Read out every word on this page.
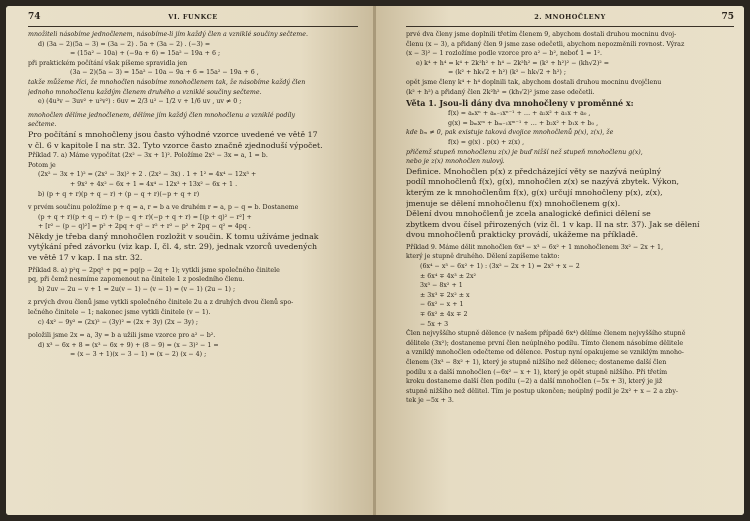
74	VI. FUNKCE
množiteli násobíme jednočlenem, násobíme-li jím každý člen a vzniklé součiny sečteme.
d) (3a − 2)(5a − 3) = (3a − 2) . 5a + (3a − 2) . (−3) =
= (15a² − 10a) + (−9a + 6) = 15a² − 19a + 6 ;
při praktickém počítání však píšeme spravidla jen
(3a − 2)(5a − 3) = 15a² − 10a − 9a + 6 = 15a² − 19a + 6 ,
takže můžeme říci, že mnohočlen násobíme mnohočlenem tak, že násobíme každý člen
jednoho mnohočlenu každým členem druhého a vzniklé součiny sečteme.
e) (4u³v − 3uv² + u²v²) : 6uv = 2/3 u² − 1/2 v + 1/6 uv , uv ≠ 0 ;
mnohočlen dělíme jednočlenem, dělíme jím každý člen mnohočlenu a vzniklé podíly
sečteme.
Pro počítání s mnohočleny jsou často výhodné vzorce uvedené ve větě 17
v čl. 6 v kapitole I na str. 32. Tyto vzorce často značně zjednoduší výpočet.
Příklad 7. a) Máme vypočítat (2x² − 3x + 1)². Položíme 2x² − 3x = a, 1 = b.
Potom je
(2x² − 3x + 1)² = (2x² − 3x)² + 2 . (2x² − 3x) . 1 + 1² = 4x⁴ − 12x³ +
+ 9x² + 4x² − 6x + 1 = 4x⁴ − 12x³ + 13x² − 6x + 1 .
b) (p + q + r)(p + q − r) + (p − q + r)(−p + q + r)
v prvém součinu položíme p + q = a, r = b a ve druhém r = a, p − q = b. Dostaneme
(p + q + r)(p + q − r) + (p − q + r)(−p + q + r) = [(p + q)² − r²] +
+ [r² − (p − q)²] = p² + 2pq + q² − r² + r² − p² + 2pq − q² = 4pq .
Někdy je třeba daný mnohočlen rozložit v součin. K tomu užíváme jednak
vytýkání před závorku (viz kap. I, čl. 4, str. 29), jednak vzorců uvedených
ve větě 17 v kap. I na str. 32.
Příklad 8. a) p²q − 2pq² + pq = pq(p − 2q + 1); vytkli jsme společného činitele
pq, při čemž nesmíme zapomenout na činitele 1 z posledního členu.
b) 2uv − 2u − v + 1 = 2u(v − 1) − (v − 1) = (v − 1) (2u − 1) ;
z prvých dvou členů jsme vytkli společného činitele 2u a z druhých dvou členů spo-
lečného činitele − 1; nakonec jsme vytkli činitele (v − 1).
c) 4x² − 9y² = (2x)² − (3y)² = (2x + 3y) (2x − 3y) ;
položili jsme 2x = a, 3y = b a užili jsme vzorce pro a² − b².
d) x³ − 6x + 8 = (x³ − 6x + 9) + (8 − 9) = (x − 3)² − 1 =
= (x − 3 + 1)(x − 3 − 1) = (x − 2) (x − 4) ;
2. MNOHOČLENY	75
prvé dva členy jsme doplnili třetím členem 9, abychom dostali druhou mocninu dvoj-
členu (x − 3), a přidaný člen 9 jsme zase odečetli, abychom nepozměnili rovnost. Výraz
(x − 3)² − 1 rozložíme podle vzorce pro a² − b², neboť 1 = 1².
e) k⁴ + h⁴ = k⁴ + 2k²h² + h⁴ − 2k²h² = (k² + h²)² − (kh√2)² =
= (k² + hk√2 + h²) (k² − hk√2 + h²) ;
opět jsme členy k⁴ + h⁴ doplnili tak, abychom dostali druhou mocninu dvojčlenu
(k² + h²) a přidaný člen 2k²h² = (kh√2)² jsme zase odečetli.
Věta 1. Jsou-li dány dva mnohočleny v proměnné x:
f(x) = aₙxⁿ + aₙ₋₁xⁿ⁻¹ + … + a₂x² + a₁x + a₀ ,
g(x) = bₘxᵐ + bₘ₋₁xᵐ⁻¹ + … + b₂x² + b₁x + b₀ ,
kde bₘ ≠ 0, pak existuje taková dvojice mnohočlenů p(x), z(x), že
f(x) = g(x) . p(x) + z(x) ,
přičemž stupeň mnohočlenu z(x) je buď nižší než stupeň mnohočlenu g(x),
nebo je z(x) mnohočlen nulový.
Definice. Mnohočlen p(x) z předcházející věty se nazývá neúplný
podíl mnohočlenů f(x), g(x), mnohočlen z(x) se nazývá zbytek. Výkon,
kterým ze k mnohočlenům f(x), g(x) určují mnohočleny p(x), z(x),
jmenuje se dělení mnohočlenu f(x) mnohočlenem g(x).
Dělení dvou mnohočlenů je zcela analogické definici dělení se
zbytkem dvou čísel přirozených (viz čl. 1 v kap. II na str. 37). Jak se dělení
dvou mnohočlenů prakticky provádí, ukážeme na příkladě.
Příklad 9. Máme dělit mnohočlen 6x⁴ − x³ − 6x² + 1 mnohočlenem 3x² − 2x + 1,
který je stupně druhého. Dělení zapíšeme takto:
(6x⁴ − x³ − 6x² + 1) : (3x² − 2x + 1) = 2x² + x − 2
± 6x⁴ ∓ 4x³ ± 2x²
3x³ − 8x² + 1
± 3x³ ∓ 2x² ± x
− 6x² − x + 1
∓ 6x² ± 4x ∓ 2
− 5x + 3
Člen nejvyššího stupně dělence (v našem případě 6x⁴) dělíme členem nejvyššího stupně
dělitele (3x²); dostaneme první člen neúplného podílu. Tímto členem násobíme dělitele
a vzniklý mnohočlen odečteme od dělence. Postup nyní opakujeme se vzniklým mnoho-
členem (3x³ − 8x² + 1), který je stupně nižšího než dělenec; dostaneme další člen
podílu x a další mnohočlen (−6x² − x + 1), který je opět stupně nižšího. Při třetím
kroku dostaneme další člen podílu (−2) a další mnohočlen (−5x + 3), který je již
stupně nižšího než dělitel. Tím je postup ukončen; neúplný podíl je 2x² + x − 2 a zby-
tek je −5x + 3.
